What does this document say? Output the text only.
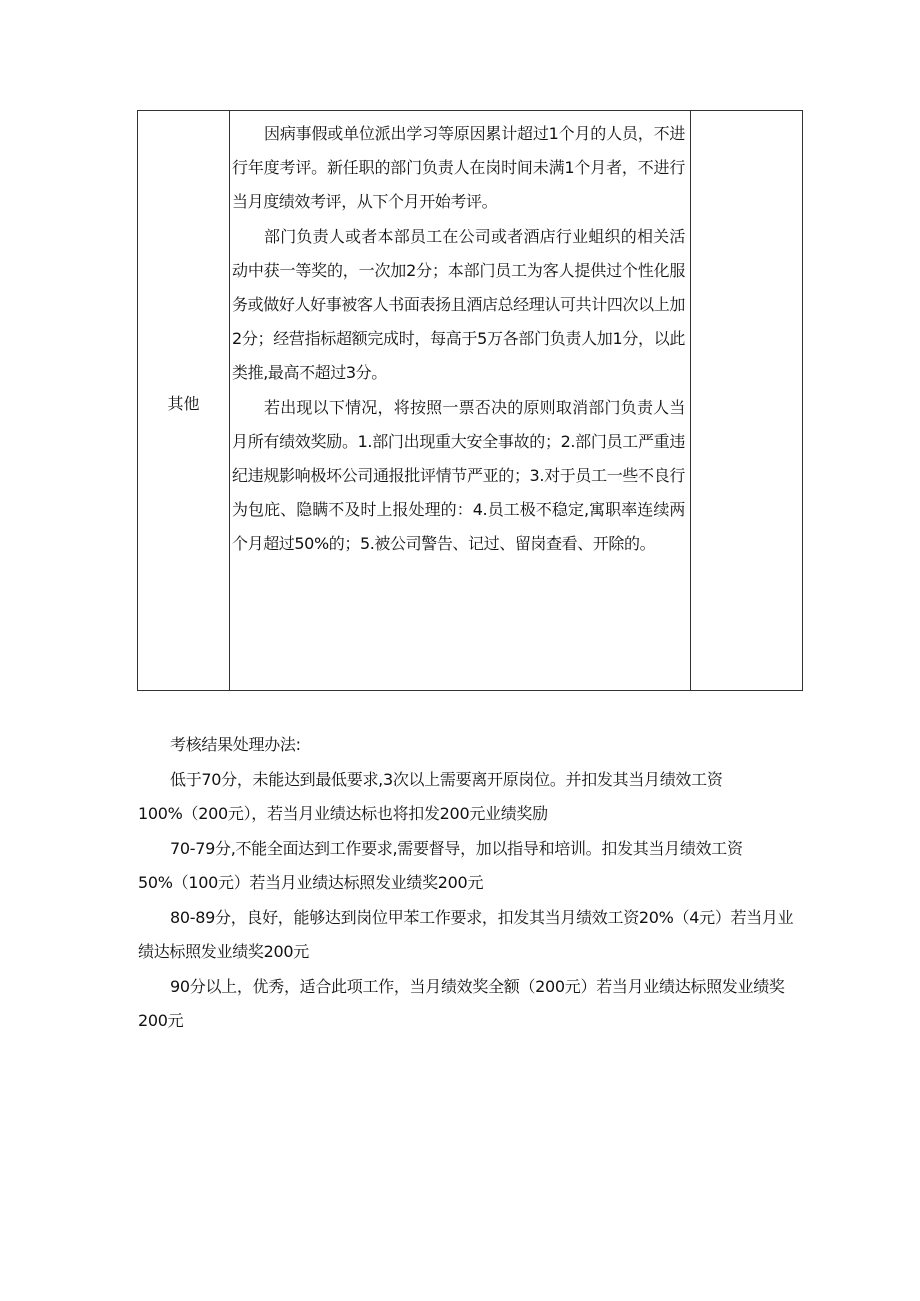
其他

因病事假或单位派出学习等原因累计超过1个月的人员，不进行年度考评。新任职的部门负责人在岗时间未满1个月者，不进行当月度绩效考评，从下个月开始考评。

部门负责人或者本部员工在公司或者酒店行业蛆织的相关活动中获一等奖的，一次加2分；本部门员工为客人提供过个性化服务或做好人好事被客人书面表扬且酒店总经理认可共计四次以上加2分；经营指标超额完成时，每高于5万各部门负责人加1分，以此类推,最高不超过3分。

若出现以下情况，将按照一票否决的原则取消部门负责人当月所有绩效奖励。1.部门出现重大安全事故的；2.部门员工严重违纪违规影响极坏公司通报批评情节严亚的；3.对于员工一些不良行为包庇、隐瞒不及时上报处理的：4.员工极不稳定,寓职率连续两个月超过50%的；5.被公司警告、记过、留岗查看、开除的。

考核结果处理办法:

低于70分，未能达到最低要求,3次以上需要离开原岗位。并扣发其当月绩效工资100%（200元），若当月业绩达标也将扣发200元业绩奖励

70-79分,不能全面达到工作要求,需要督导，加以指导和培训。扣发其当月绩效工资50%（100元）若当月业绩达标照发业绩奖200元

80-89分，良好，能够达到岗位甲苯工作要求，扣发其当月绩效工资20%（4元）若当月业绩达标照发业绩奖200元

90分以上，优秀，适合此项工作，当月绩效奖全额（200元）若当月业绩达标照发业绩奖200元
